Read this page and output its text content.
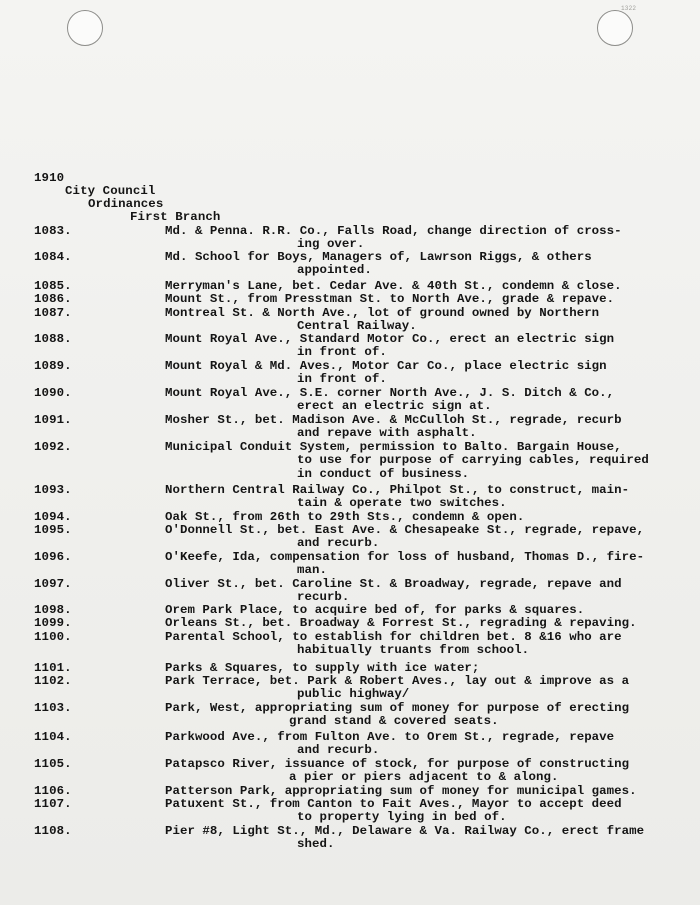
1322
1910
City Council
Ordinances
First Branch
1083.	Md. & Penna. R.R. Co., Falls Road, change direction of cross-
ing over.
1084.	Md. School for Boys, Managers of, Lawrson Riggs, & others
appointed.
1085.	Merryman's Lane, bet. Cedar Ave. & 40th St., condemn & close.
1086.	Mount St., from Presstman St. to North Ave., grade & repave.
1087.	Montreal St. & North Ave., lot of ground owned by Northern
Central Railway.
1088.	Mount Royal Ave., Standard Motor Co., erect an electric sign
in front of.
1089.	Mount Royal & Md. Aves., Motor Car Co., place electric sign
in front of.
1090.	Mount Royal Ave., S.E. corner North Ave., J. S. Ditch & Co.,
erect an electric sign at.
1091.	Mosher St., bet. Madison Ave. & McCulloh St., regrade, recurb
and repave with asphalt.
1092.	Municipal Conduit System, permission to Balto. Bargain House,
to use for purpose of carrying cables, required
in conduct of business.
1093.	Northern Central Railway Co., Philpot St., to construct, main-
tain & operate two switches.
1094.	Oak St., from 26th to 29th Sts., condemn & open.
1095.	O'Donnell St., bet. East Ave. & Chesapeake St., regrade, repave,
and recurb.
1096.	O'Keefe, Ida, compensation for loss of husband, Thomas D., fire-
man.
1097.	Oliver St., bet. Caroline St. & Broadway, regrade, repave and
recurb.
1098.	Orem Park Place, to acquire bed of, for parks & squares.
1099.	Orleans St., bet. Broadway & Forrest St., regrading & repaving.
1100.	Parental School, to establish for children bet. 8 &16 who are
habitually truants from school.
1101.	Parks & Squares, to supply with ice water;
1102.	Park Terrace, bet. Park & Robert Aves., lay out & improve as a
public highway/
1103.	Park, West, appropriating sum of money for purpose of erecting
grand stand & covered seats.
1104.	Parkwood Ave., from Fulton Ave. to Orem St., regrade, repave
and recurb.
1105.	Patapsco River, issuance of stock, for purpose of constructing
a pier or piers adjacent to & along.
1106.	Patterson Park, appropriating sum of money for municipal games.
1107.	Patuxent St., from Canton to Fait Aves., Mayor to accept deed
to property lying in bed of.
1108.	Pier #8, Light St., Md., Delaware & Va. Railway Co., erect frame
shed.
